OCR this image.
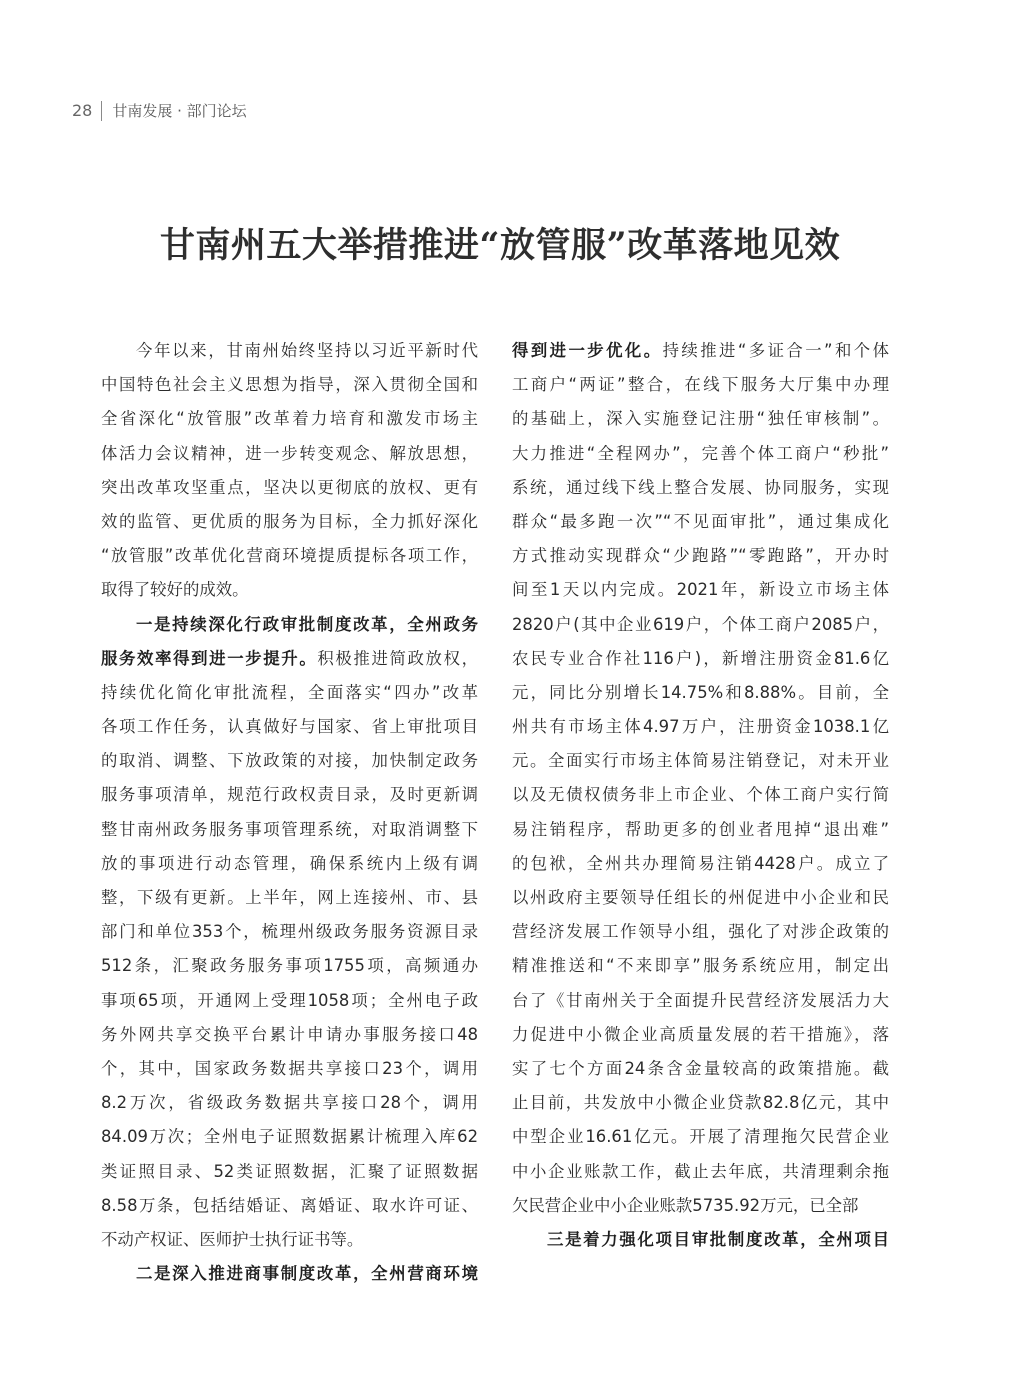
28 甘南发展 · 部门论坛
甘南州五大举措推进“放管服”改革落地见效
今年以来，甘南州始终坚持以习近平新时代
中国特色社会主义思想为指导，深入贯彻全国和
全省深化“放管服”改革着力培育和激发市场主
体活力会议精神，进一步转变观念、解放思想，
突出改革攻坚重点，坚决以更彻底的放权、更有
效的监管、更优质的服务为目标，全力抓好深化
“放管服”改革优化营商环境提质提标各项工作，
取得了较好的成效。
一是持续深化行政审批制度改革，全州政务
服务效率得到进一步提升。积极推进简政放权，
持续优化简化审批流程，全面落实“四办”改革
各项工作任务，认真做好与国家、省上审批项目
的取消、调整、下放政策的对接，加快制定政务
服务事项清单，规范行政权责目录，及时更新调
整甘南州政务服务事项管理系统，对取消调整下
放的事项进行动态管理，确保系统内上级有调
整，下级有更新。上半年，网上连接州、市、县
部门和单位353个，梳理州级政务服务资源目录
512条，汇聚政务服务事项1755项，高频通办
事项65项，开通网上受理1058项；全州电子政
务外网共享交换平台累计申请办事服务接口48
个，其中，国家政务数据共享接口23个，调用
8.2万次，省级政务数据共享接口28个，调用
84.09万次；全州电子证照数据累计梳理入库62
类证照目录、52类证照数据，汇聚了证照数据
8.58万条，包括结婚证、离婚证、取水许可证、
不动产权证、医师护士执行证书等。
二是深入推进商事制度改革，全州营商环境
得到进一步优化。持续推进“多证合一”和个体
工商户“两证”整合，在线下服务大厅集中办理
的基础上，深入实施登记注册“独任审核制”。
大力推进“全程网办”，完善个体工商户“秒批”
系统，通过线下线上整合发展、协同服务，实现
群众“最多跑一次”“不见面审批”，通过集成化
方式推动实现群众“少跑路”“零跑路”，开办时
间至1天以内完成。2021年，新设立市场主体
2820户(其中企业619户，个体工商户2085户，
农民专业合作社116户)，新增注册资金81.6亿
元，同比分别增长14.75%和8.88%。目前，全
州共有市场主体4.97万户，注册资金1038.1亿
元。全面实行市场主体简易注销登记，对未开业
以及无债权债务非上市企业、个体工商户实行简
易注销程序，帮助更多的创业者甩掉“退出难”
的包袱，全州共办理简易注销4428户。成立了
以州政府主要领导任组长的州促进中小企业和民
营经济发展工作领导小组，强化了对涉企政策的
精准推送和“不来即享”服务系统应用，制定出
台了《甘南州关于全面提升民营经济发展活力大
力促进中小微企业高质量发展的若干措施》，落
实了七个方面24条含金量较高的政策措施。截
止目前，共发放中小微企业贷款82.8亿元，其中
中型企业16.61亿元。开展了清理拖欠民营企业
中小企业账款工作，截止去年底，共清理剩余拖
欠民营企业中小企业账款5735.92万元，已全部
三是着力强化项目审批制度改革，全州项目
